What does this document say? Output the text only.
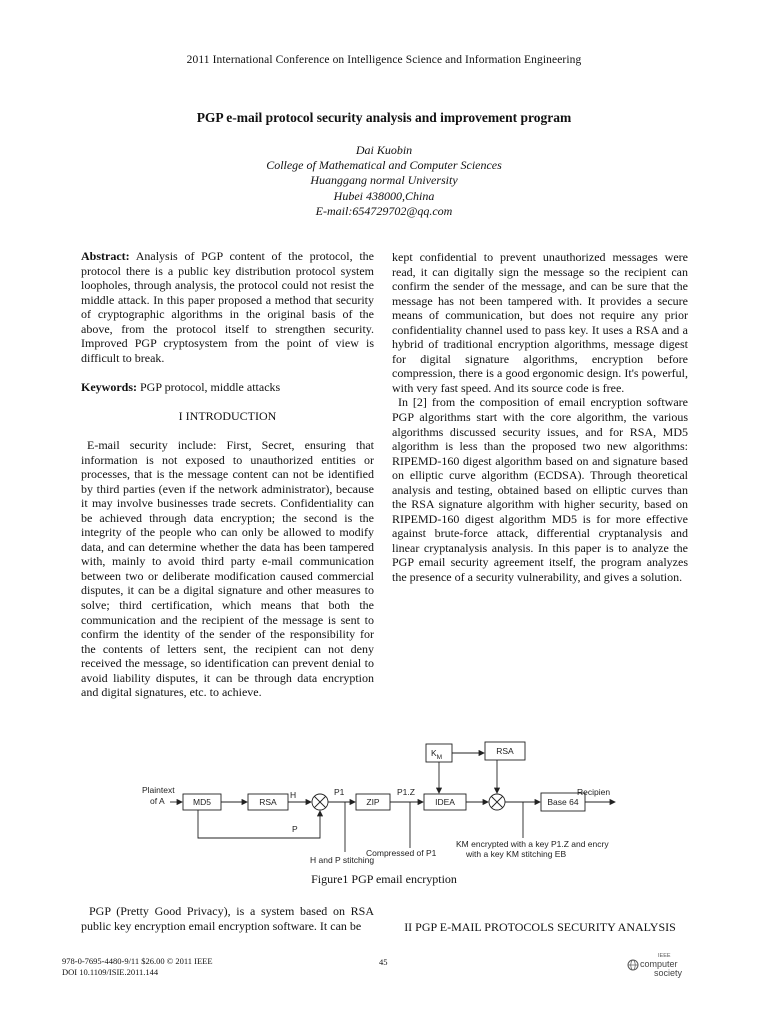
2011 International Conference on Intelligence Science and Information Engineering
PGP e-mail protocol security analysis and improvement program
Dai Kuobin
College of Mathematical and Computer Sciences
Huanggang normal University
Hubei 438000,China
E-mail:654729702@qq.com

Abstract: Analysis of PGP content of the protocol, the protocol there is a public key distribution protocol system loopholes, through analysis, the protocol could not resist the middle attack. In this paper proposed a method that security of cryptographic algorithms in the original basis of the above, from the protocol itself to strengthen security. Improved PGP cryptosystem from the point of view is difficult to break.

Keywords: PGP protocol, middle attacks

I INTRODUCTION

E-mail security include: First, Secret, ensuring that information is not exposed to unauthorized entities or processes, that is the message content can not be identified by third parties (even if the network administrator), because it may involve businesses trade secrets. Confidentiality can be achieved through data encryption; the second is the integrity of the people who can only be allowed to modify data, and can determine whether the data has been tampered with, mainly to avoid third party e-mail communication between two or deliberate modification caused commercial disputes, it can be a digital signature and other measures to solve; third certification, which means that both the communication and the recipient of the message is sent to confirm the identity of the sender of the responsibility for the contents of letters sent, the recipient can not deny received the message, so identification can prevent denial to avoid liability disputes, it can be through data encryption and digital signatures, etc. to achieve.

kept confidential to prevent unauthorized messages were read, it can digitally sign the message so the recipient can confirm the sender of the message, and can be sure that the message has not been tampered with. It provides a secure means of communication, but does not require any prior confidentiality channel used to pass key. It uses a RSA and a hybrid of traditional encryption algorithms, message digest for digital signature algorithms, encryption before compression, there is a good ergonomic design. It's powerful, with very fast speed. And its source code is free.

In [2] from the composition of email encryption software PGP algorithms start with the core algorithm, the various algorithms discussed security issues, and for RSA, MD5 algorithm is less than the proposed two new algorithms: RIPEMD-160 digest algorithm based on and signature based on elliptic curve algorithm (ECDSA). Through theoretical analysis and testing, obtained based on elliptic curves than the RSA signature algorithm with higher security, based on RIPEMD-160 digest algorithm MD5 is for more effective against brute-force attack, differential cryptanalysis and linear cryptanalysis analysis. In this paper is to analyze the PGP email security agreement itself, the program analyzes the presence of a security vulnerability, and gives a solution.

Plaintext
of A	MD5	RSA
H	P1
ZIP
P1.Z
IDEA
$K_M$
RSA
Base 64
Recipien
P
H and P stitching
Compressed of P1
KM encrypted with a key P1.Z and encry
with a key KM stitching EB
Figure1 PGP email encryption
PGP (Pretty Good Privacy), is a system based on RSA public key encryption email encryption software. It can be	II PGP E-MAIL PROTOCOLS SECURITY ANALYSIS
978-0-7695-4480-9/11 $26.00 © 2011 IEEE
DOI 10.1109/ISIE.2011.144
45
IEEE
computer
society
